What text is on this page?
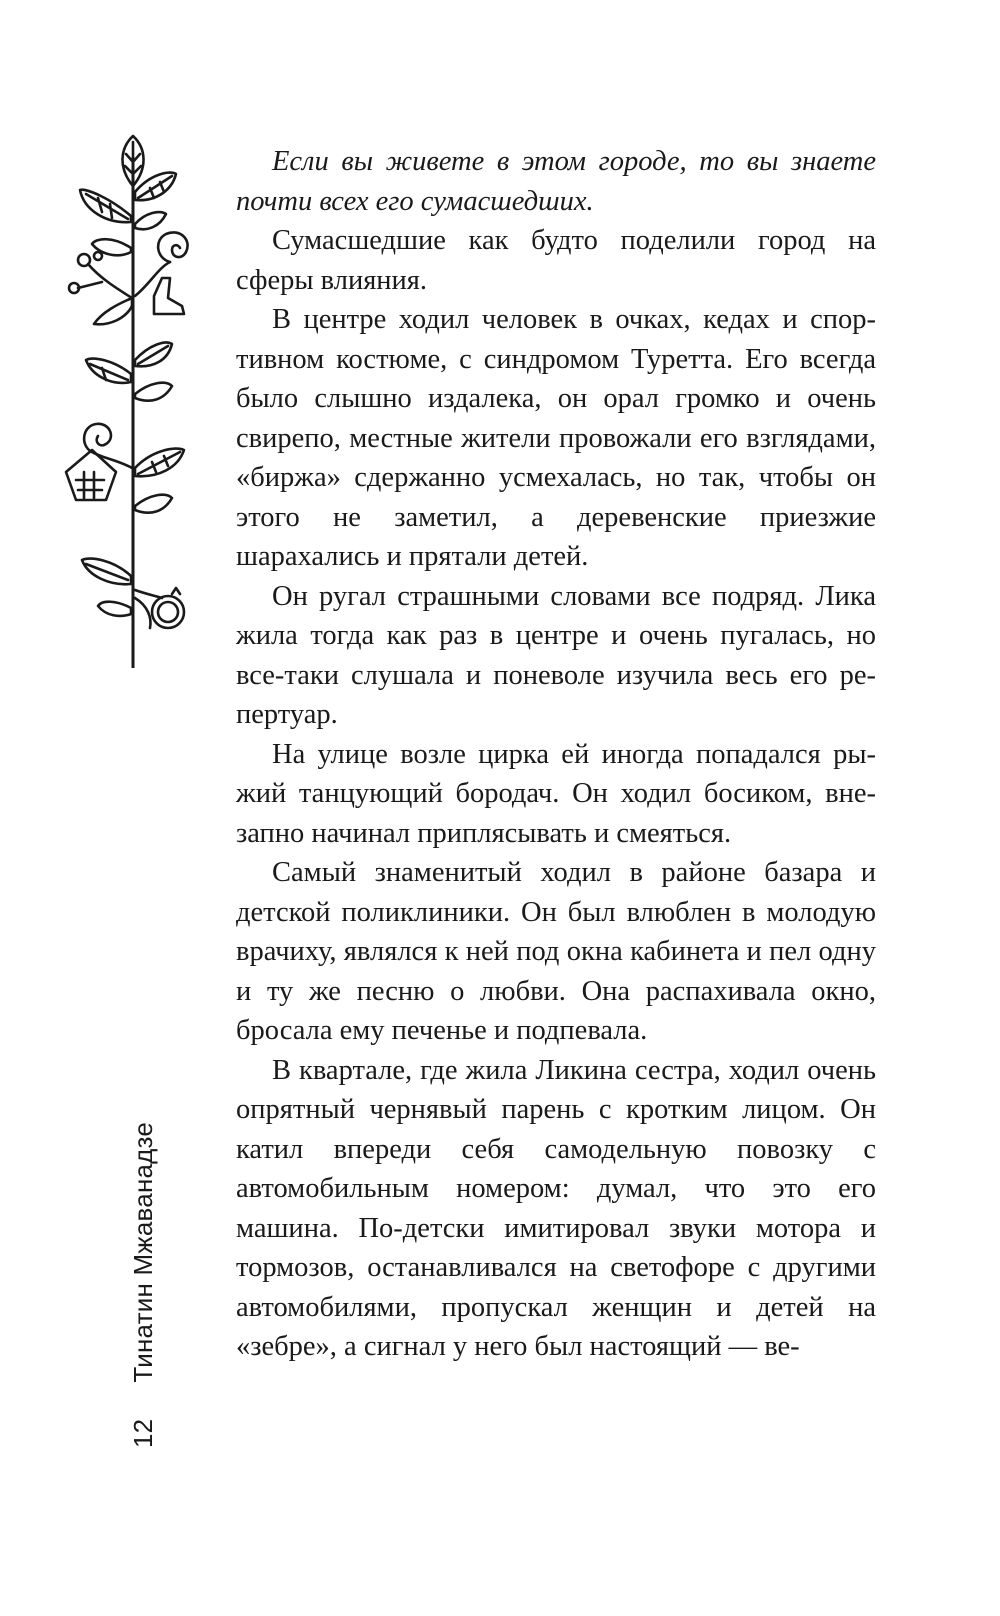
12Тинатин Мжаванадзе

Если вы живете в этом городе, то вы знаете почти всех его сумасшедших.

Сумасшедшие как будто поделили город на сферы влияния.

В центре ходил человек в очках, кедах и спортивном костюме, с синдромом Туретта. Его всегда было слышно издалека, он орал громко и очень свирепо, местные жители провожали его взглядами, «биржа» сдержанно усмехалась, но так, чтобы он этого не заметил, а деревенские приезжие шарахались и прятали детей.

Он ругал страшными словами все подряд. Лика жила тогда как раз в центре и очень пугалась, но все-таки слушала и поневоле изучила весь его репертуар.

На улице возле цирка ей иногда попадался рыжий танцующий бородач. Он ходил босиком, внезапно начинал приплясывать и смеяться.

Самый знаменитый ходил в районе базара и детской поликлиники. Он был влюблен в молодую врачиху, являлся к ней под окна кабинета и пел одну и ту же песню о любви. Она распахивала окно, бросала ему печенье и подпевала.

В квартале, где жила Ликина сестра, ходил очень опрятный чернявый парень с кротким лицом. Он катил впереди себя самодельную повозку с автомобильным номером: думал, что это его машина. По-детски имитировал звуки мотора и тормозов, останавливался на светофоре с другими автомобилями, пропускал женщин и детей на «зебре», а сигнал у него был настоящий — ве-
